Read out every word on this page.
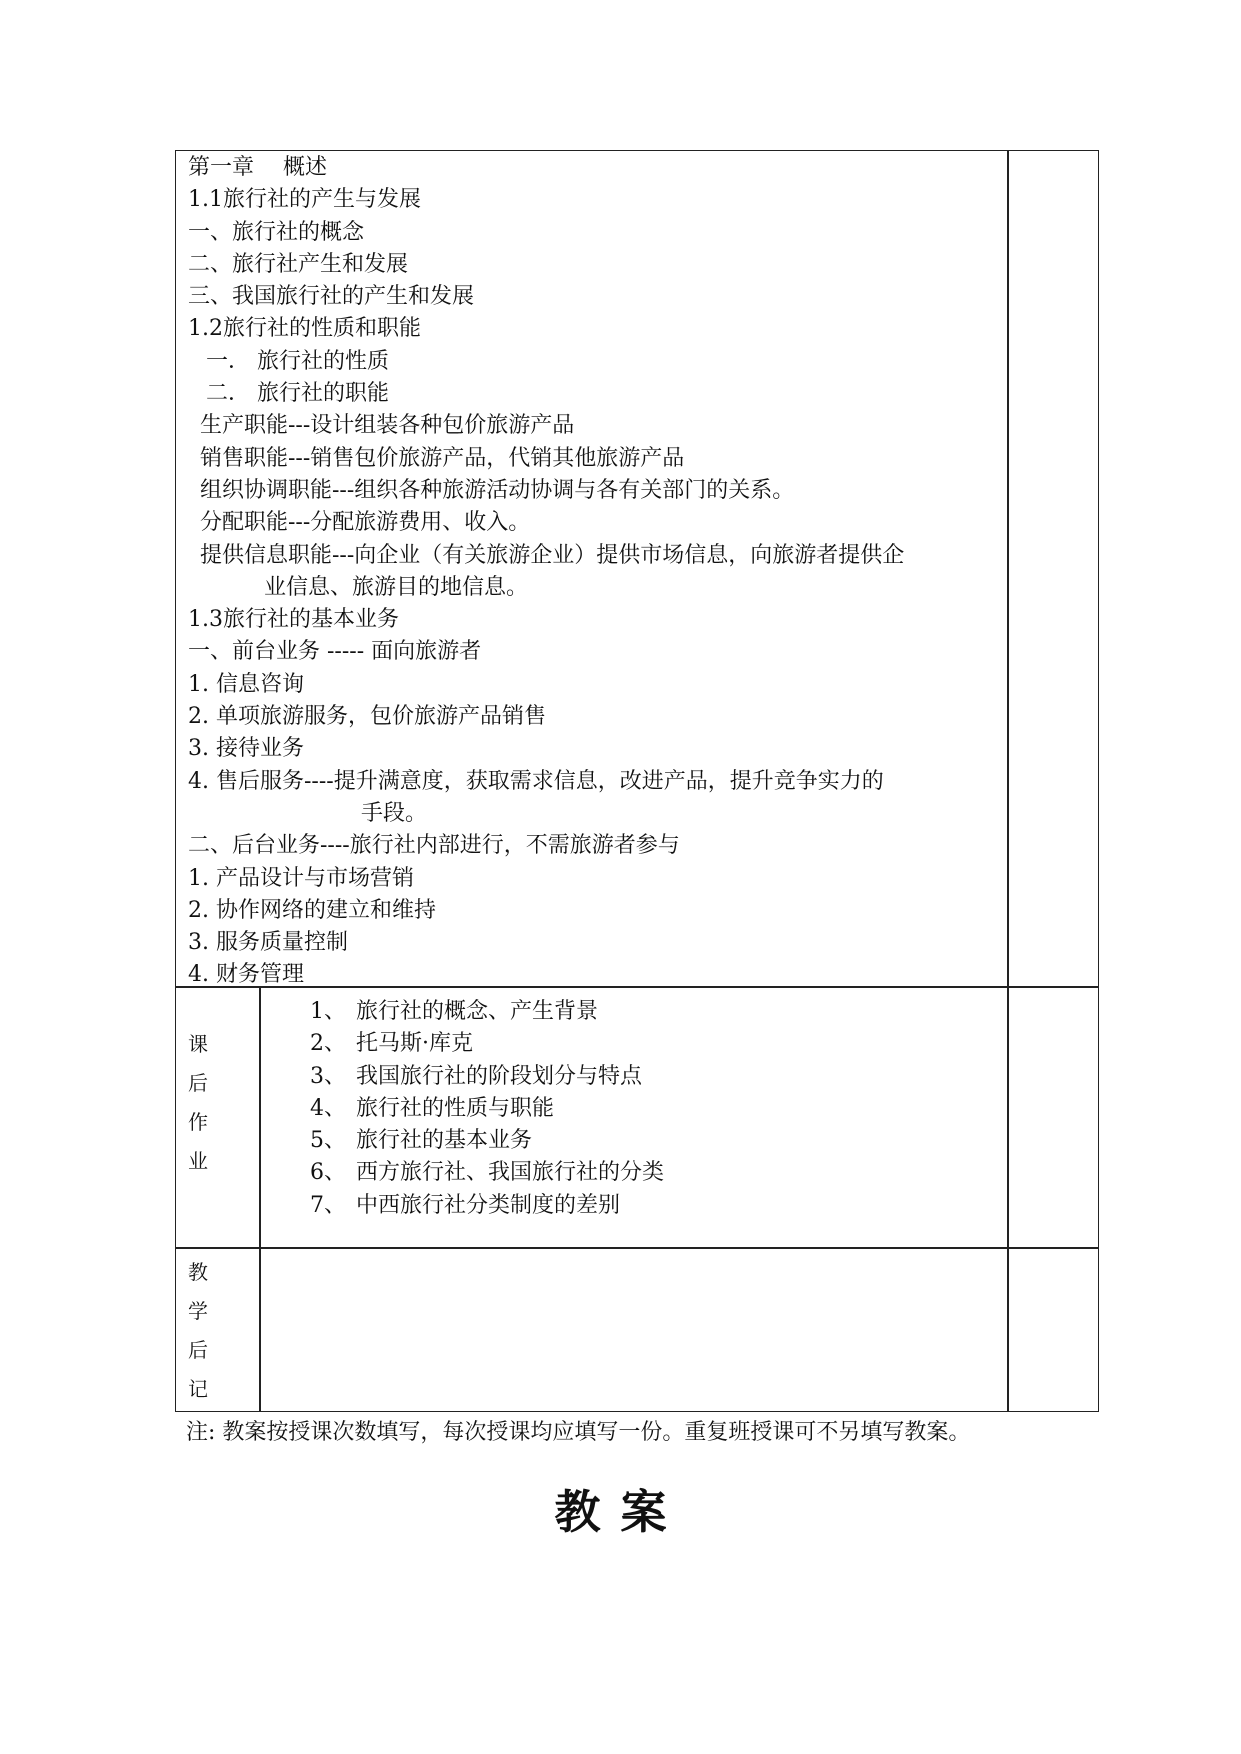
第一章　 概述
1.1旅行社的产生与发展
一、旅行社的概念
二、旅行社产生和发展
三、我国旅行社的产生和发展
1.2旅行社的性质和职能
一． 旅行社的性质
二． 旅行社的职能
生产职能---设计组装各种包价旅游产品
销售职能---销售包价旅游产品，代销其他旅游产品
组织协调职能---组织各种旅游活动协调与各有关部门的关系。
分配职能---分配旅游费用、收入。
提供信息职能---向企业（有关旅游企业）提供市场信息，向旅游者提供企
业信息、旅游目的地信息。
1.3旅行社的基本业务
一、前台业务 ----- 面向旅游者
1. 信息咨询
2. 单项旅游服务，包价旅游产品销售
3. 接待业务
4. 售后服务----提升满意度，获取需求信息，改进产品，提升竞争实力的
手段。
二、后台业务----旅行社内部进行，不需旅游者参与
1. 产品设计与市场营销
2. 协作网络的建立和维持
3. 服务质量控制
4. 财务管理
课
后
作
业
1、 旅行社的概念、产生背景
2、 托马斯·库克
3、 我国旅行社的阶段划分与特点
4、 旅行社的性质与职能
5、 旅行社的基本业务
6、 西方旅行社、我国旅行社的分类
7、 中西旅行社分类制度的差别
教
学
后
记
注: 教案按授课次数填写，每次授课均应填写一份。重复班授课可不另填写教案。
教案
